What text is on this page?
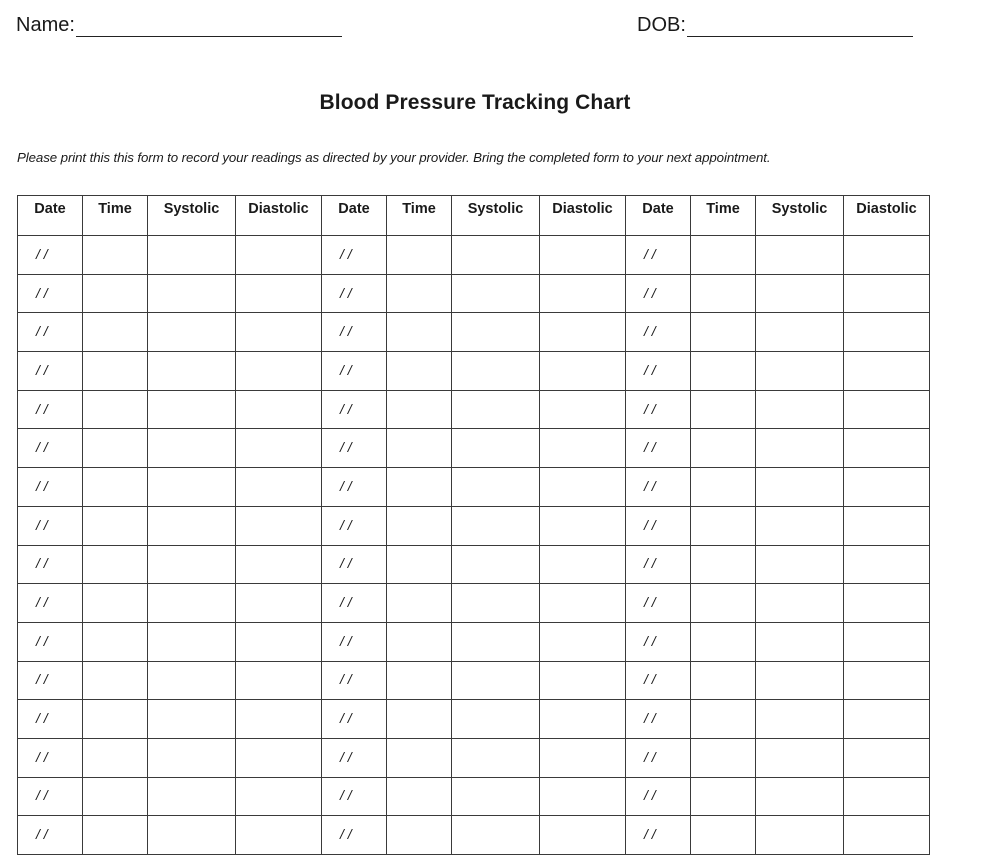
Name:	DOB:
Blood Pressure Tracking Chart
Please print this this form to record your readings as directed by your provider. Bring the completed form to your next appointment.
Date	Time	Systolic	Diastolic	Date	Time	Systolic	Diastolic	Date	Time	Systolic	Diastolic
/ /				/ /				/ /			
/ /				/ /				/ /			
/ /				/ /				/ /			
/ /				/ /				/ /			
/ /				/ /				/ /			
/ /				/ /				/ /			
/ /				/ /				/ /			
/ /				/ /				/ /			
/ /				/ /				/ /			
/ /				/ /				/ /			
/ /				/ /				/ /			
/ /				/ /				/ /			
/ /				/ /				/ /			
/ /				/ /				/ /			
/ /				/ /				/ /			
/ /				/ /				/ /			
